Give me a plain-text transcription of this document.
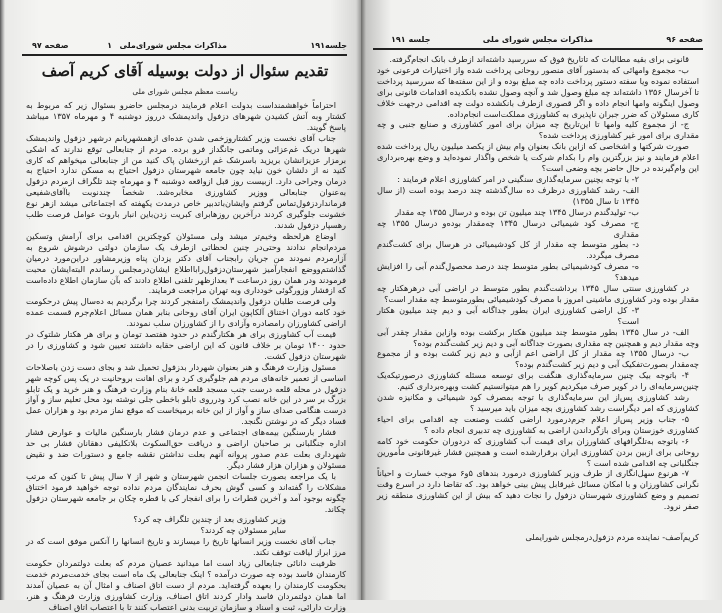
جلسه۱۹۱
مذاکرات مجلس شورای‌ملی
۱
صفحه ۹۷
تقدیم سئوال از دولت بوسیله آقای کریم آصف
ریاست معظم مجلس شورای ملی

احتراماً خواهشمنداست بدولت اعلام فرمایند درمجلس حاضرو بسئوال زیر که مربوط به کشتار وبه آتش کشیدن شهرهای دزفول واندیمشک درروز دوشنبه ۴ و مهرماه ۱۳۵۷ میباشد پاسخ گویند.

جناب آقای نخست وزیر کشتاروزخمی شدن عده‌ای ازهمشهریانم درشهر دزفول واندیمشک شهرها دریک غم‌عزائی وماتمی جانگداز فرو برده. مردم از جنابعالی توقع ندارند که اشکی برمزار عزیزانشان بریزید باسرشک غم ازرخشان پاک کنید من از جنابعالی میخواهم که کاری کنید نه از دلشان خون نیاید چون جامعه شهرستان دزفول احتیاج به مسکن ندارد احتیاج به درمان وجراحی دارد. ازبیست روز قبل ازواقعه دوشنبه ۴ و مهرماه چند تلگراف ازمردم دزفول به‌عنوان جنابعالی ووزیر کشاورزی مخابره‌شد. شخصاً چندنوبت باآقای‌شفیعی فرماندارد‌زفول‌تماس گرفتم وایشان‌باتدبیر خاص درمدت یکهفته که اجتماعاتی میشد ازهر نوع خشونت جلوگیری کردند درآخرین روزهابرای کبریت زدن‌باین انبار باروت عوامل فرصت طلب رهسپار دزفول شدند.

اوضاع هرلحظه وخیم‌تر میشد ولی مسئولان کوچکترین اقدامی برای آرامش وتسکین مردم‌انجام ندادند وحتی‌در چنین لحظاتی ازطرف یک سازمان دولتی درشوش شروع به آزارمردم نمودند من جریان رابجناب آقای دکتر یزدان پناه وزیرمشاور دراین‌مورد درمیان گذاشتم‌ووضع انفجارآمیز شهرستان‌دزفول‌رابااطلاع ایشان‌درمجلس رساندم البته‌ایشان محبت فرمودند ودر همان روز درساعت ۳ بعدازظهر تلفنی اطلاع دادند که بآن سازمان اطلاع داده‌است که ازفشار وزورگوئی خودداری وبه تهران مراجعت فرمایند.

ولی فرصت طلبان دزفول واندیمشک رامنفجر کردند چرا برگردیم به ده‌سال پیش درحکومت خود کامه دوران اختناق آلکاپون ایران آقای روحانی بنابر همان مسائل اعلام‌جرم قسمت عمده اراضی کشاورزان رامصادره وآزادی را از کشاورزان سلب نمودند.

قیمت آب کشاورزی برای هر هکتارگندم در حدود هفتصد تومان و برای هر هکتار شلتوک در حدود ۱۴۰۰ تومان بر خلاف قانون که این اراضی حقابه داشتند تعیین شود و کشاورزی را در شهرستان دزفول کشت.

مسئول وزارت فرهنگ و هنر بعنوان شهردار بدزفول تحمیل شد و بجای دست زدن باصلاحات اساسی از تعمیر خانه‌های مردم هم جلوگیری کرد و برای اهانت بروحانیت در یک پس کوچه شهر دزفول در محله قلعه درست جنب مسجد قلعه خانهٔ بنام وزارت فرهنگ و هنر خرید و یک تابلو بزرگ بر سر در این خانه نصب کرد ودرروی تابلو باخطی جلی نوشته بود محل تعلیم ساز و آواز درست هنگامی صدای ساز و آواز از این خانه برمیخاست که موقع نماز مردم بود و هزاران عمل فساد دیگر که در نوشتن نگنجد.

فشار بارسنگین بیمه‌های اجتماعی و عدم درمان فشار بارسنگین مالیات و عوارض فشار اداره جنگلبانی بر صاحبان اراضی و دریافت حق‌السکوت بلاتکلیفی دهقانان فشار بی حد شهرداری بعلت عدم صدور پروانه آنهم بعلت نداشتن نقشه جامع و دستورات ضد و نقیض مسئولان و هزاران هزار فشار دیگر.

با یک مراجعه بصورت جلسات انجمن شهرستان و شهر از ۷ سال پیش تا کنون که مرتب مشکلات را گفته‌اند و کسی گوش بحرف نمایندگان مردم نداده توجه خواهید فرمود اختناق چگونه بوجود آمد و آخرین قطرات را برای انفجار کی با قطره چکان بر جامعه شهرستان دزفول چکاند.

وزیر کشاورزی بعد از چندین تلگراف چه کرد؟

سایر مسئولان چه کردند؟

جناب آقای نخست وزیر انسانها تاریخ را میسازند و تاریخ انسانها را آنکس موفق است که در مرز ابراز لیاقت توقف نکند.

ظرفیت دانائی جنابعالی زیاد است اما میدانید عصیان مردم که بعلت دولتمردان حکومت کارمندان فاسد بوده چه صورت درآمده ؟ اینک جنابعالی یک ماه است بجای خدمت‌مردم خدمت بحکومت کارمندان را بعهده گرفته‌اید. مردم از دست اتاق اصناف و امثال آن به عصیان آمدند اما همان دولتمردان فاسد وادار کردند اتاق اصناف، وزارت کشاورزی وزارت فرهنگ و هنر، وزارت دارائی، ثبت و اسناد و سازمان تربیت بدنی اعتصاب کنند تا با اعتصاب اتاق اصناف

صفحه ۹۶
مذاکرات مجلس شورای ملی
جلسه ۱۹۱

قانونی برای بقیه مطالبات که تاتاریخ فوق که سررسید داشته‌اند ازطرف بانک انجام‌گرفته.

ب- مجموع وامهائی که بدستور آقای منصور روحانی پرداخت شده واز اختیارات فرعونی خود استفاده نموده ویا سفته دستور پرداخت داده چه مبلغ بوده و از این سفته‌ها که سررسید پرداخت تا آخرسال ۱۳۵۶ داشته‌اند چه مبلغ وصول شد و آنچه وصول نشده بانکدیده اقدامات قانونی برای وصول اینگونه وامها انجام داده و اگر قصوری ازطرف بانکشده دولت چه اقدامی درجهت خلاف کاری مسئولان که ضرر جبران ناپذیری به کشاورزی مملکت‌است انجام‌داده.

ج- از مجموع کلیه وامها تا این‌تاریخ چه میزان برای امور کشاورزی و صنایع جنبی و چه مقداری برای امور غیر کشاورزی پرداخت شده؟

صورت شرکتها و اشخاصی که ازاین بانک بعنوان وام بیش از یکصد میلیون ریال پرداخت شده اعلام فرمایند و نیز بزرگترین وام را بکدام شرکت یا شخص واگذار نموده‌اید و وضع بهره‌برداری این وام‌گیرنده در حال حاضر بچه وضعی است؟

۲- با توجه بچنین سرمایه‌گذاری سنگینی در امر کشاورزی اعلام فرمایند :

الف- رشد کشاورزی درظرف ده سال‌گذشته چند درصد بوده است (از سال ۱۳۴۵ تا سال ۱۳۵۵)

ب- تولیدگندم درسال ۱۳۴۵ چند میلیون تن بوده و درسال ۱۳۵۵ چه مقدار

ج- مصرف کود شیمیائی درسال ۱۳۴۵ چه‌مقدار بوده‌و درسال ۱۳۵۵ چه مقداری

د- بطور متوسط چه مقدار از کل کودشیمیائی در هرسال برای کشت‌گندم مصرف میگردد.

ه- مصرف کودشیمیائی بطور متوسط چند درصد محصول‌گندم آبی را افزایش میدهد؟

در کشاورزی سنتی سال ۱۳۴۵ برداشت‌گندم بطور متوسط در اراضی آبی درهرهکتار چه مقدار بوده ودر کشاورزی ماشینی امروز با مصرف کودشیمیائی بطورمتوسط چه مقدار است؟

۳- کل اراضی کشاورزی ایران بطور جداگانه آبی و دیم چند میلیون هکتار است؟

الف- در سال ۱۳۴۵ بطور متوسط چند میلیون هکتار برکشت بوده وازاین مقدار چقدر آبی وچه مقدار دیم و همچنین چه مقداری بصورت جداگانه آبی و دیم زیر کشت‌گندم بوده؟

ب- درسال ۱۳۵۵ چه مقدار از کل اراضی اعم ازآبی و دیم زیر کشت بوده و از مجموع چه‌مقدار بصورت‌تفکیک آبی و دیم زیر کشت‌گندم بوده؟

۴- باتوجه بیک چنین سرمایه‌گذاری هنگفت برای توسعه مسئله کشاورزی درصورتیکه‌یک چنین‌سرمایه‌ای را در کویر صرف میکردیم کویر را هم میتوانستیم کشت وبهره‌برداری کنیم.

رشد کشاورزی پس‌از این سرمایه‌گذاری با توجه بمصرف کود شیمیائی و مکانیزه شدن کشاورزی که امر دیگراست رشد کشاورزی بچه میزان باید میرسید ؟

۵- جناب وزیر پس‌از اعلام جرم‌درمورد اراضی کشت وصنعت چه اقدامی برای احیاء کشاورزی خوزستان وبرای بازگرداندن اراضی به کشاورزی چه تدبیری انجام داده ؟

۶- باتوجه به‌تلگرافهای کشاورزان برای قیمت آب کشاورزی که دردوران حکومت خود کامه روحانی برای ازبین بردن کشاورزی ایران برقرارشده است و همچنین فشار غیرقانونی مأمورین جنگلبانی چه اقدامی شده است ؟

۷- هرنوع سهل‌انگاری از طرف وزیر کشاورزی درمورد بندهای ۵و۶ موجب خسارت و احیاناً نگرانی کشاورزان و با امکان مسائل غیرقابل پیش بینی خواهد بود. که تقاضا دارد در اسرع وقت تصمیم و وضع کشاورزی شهرستان دزفول را نجات دهید که بیش از این کشاورزی منطقه زیر صفر نرود.

کریم‌آصف- نماینده مردم دزفول‌درمجلس شورایملی
